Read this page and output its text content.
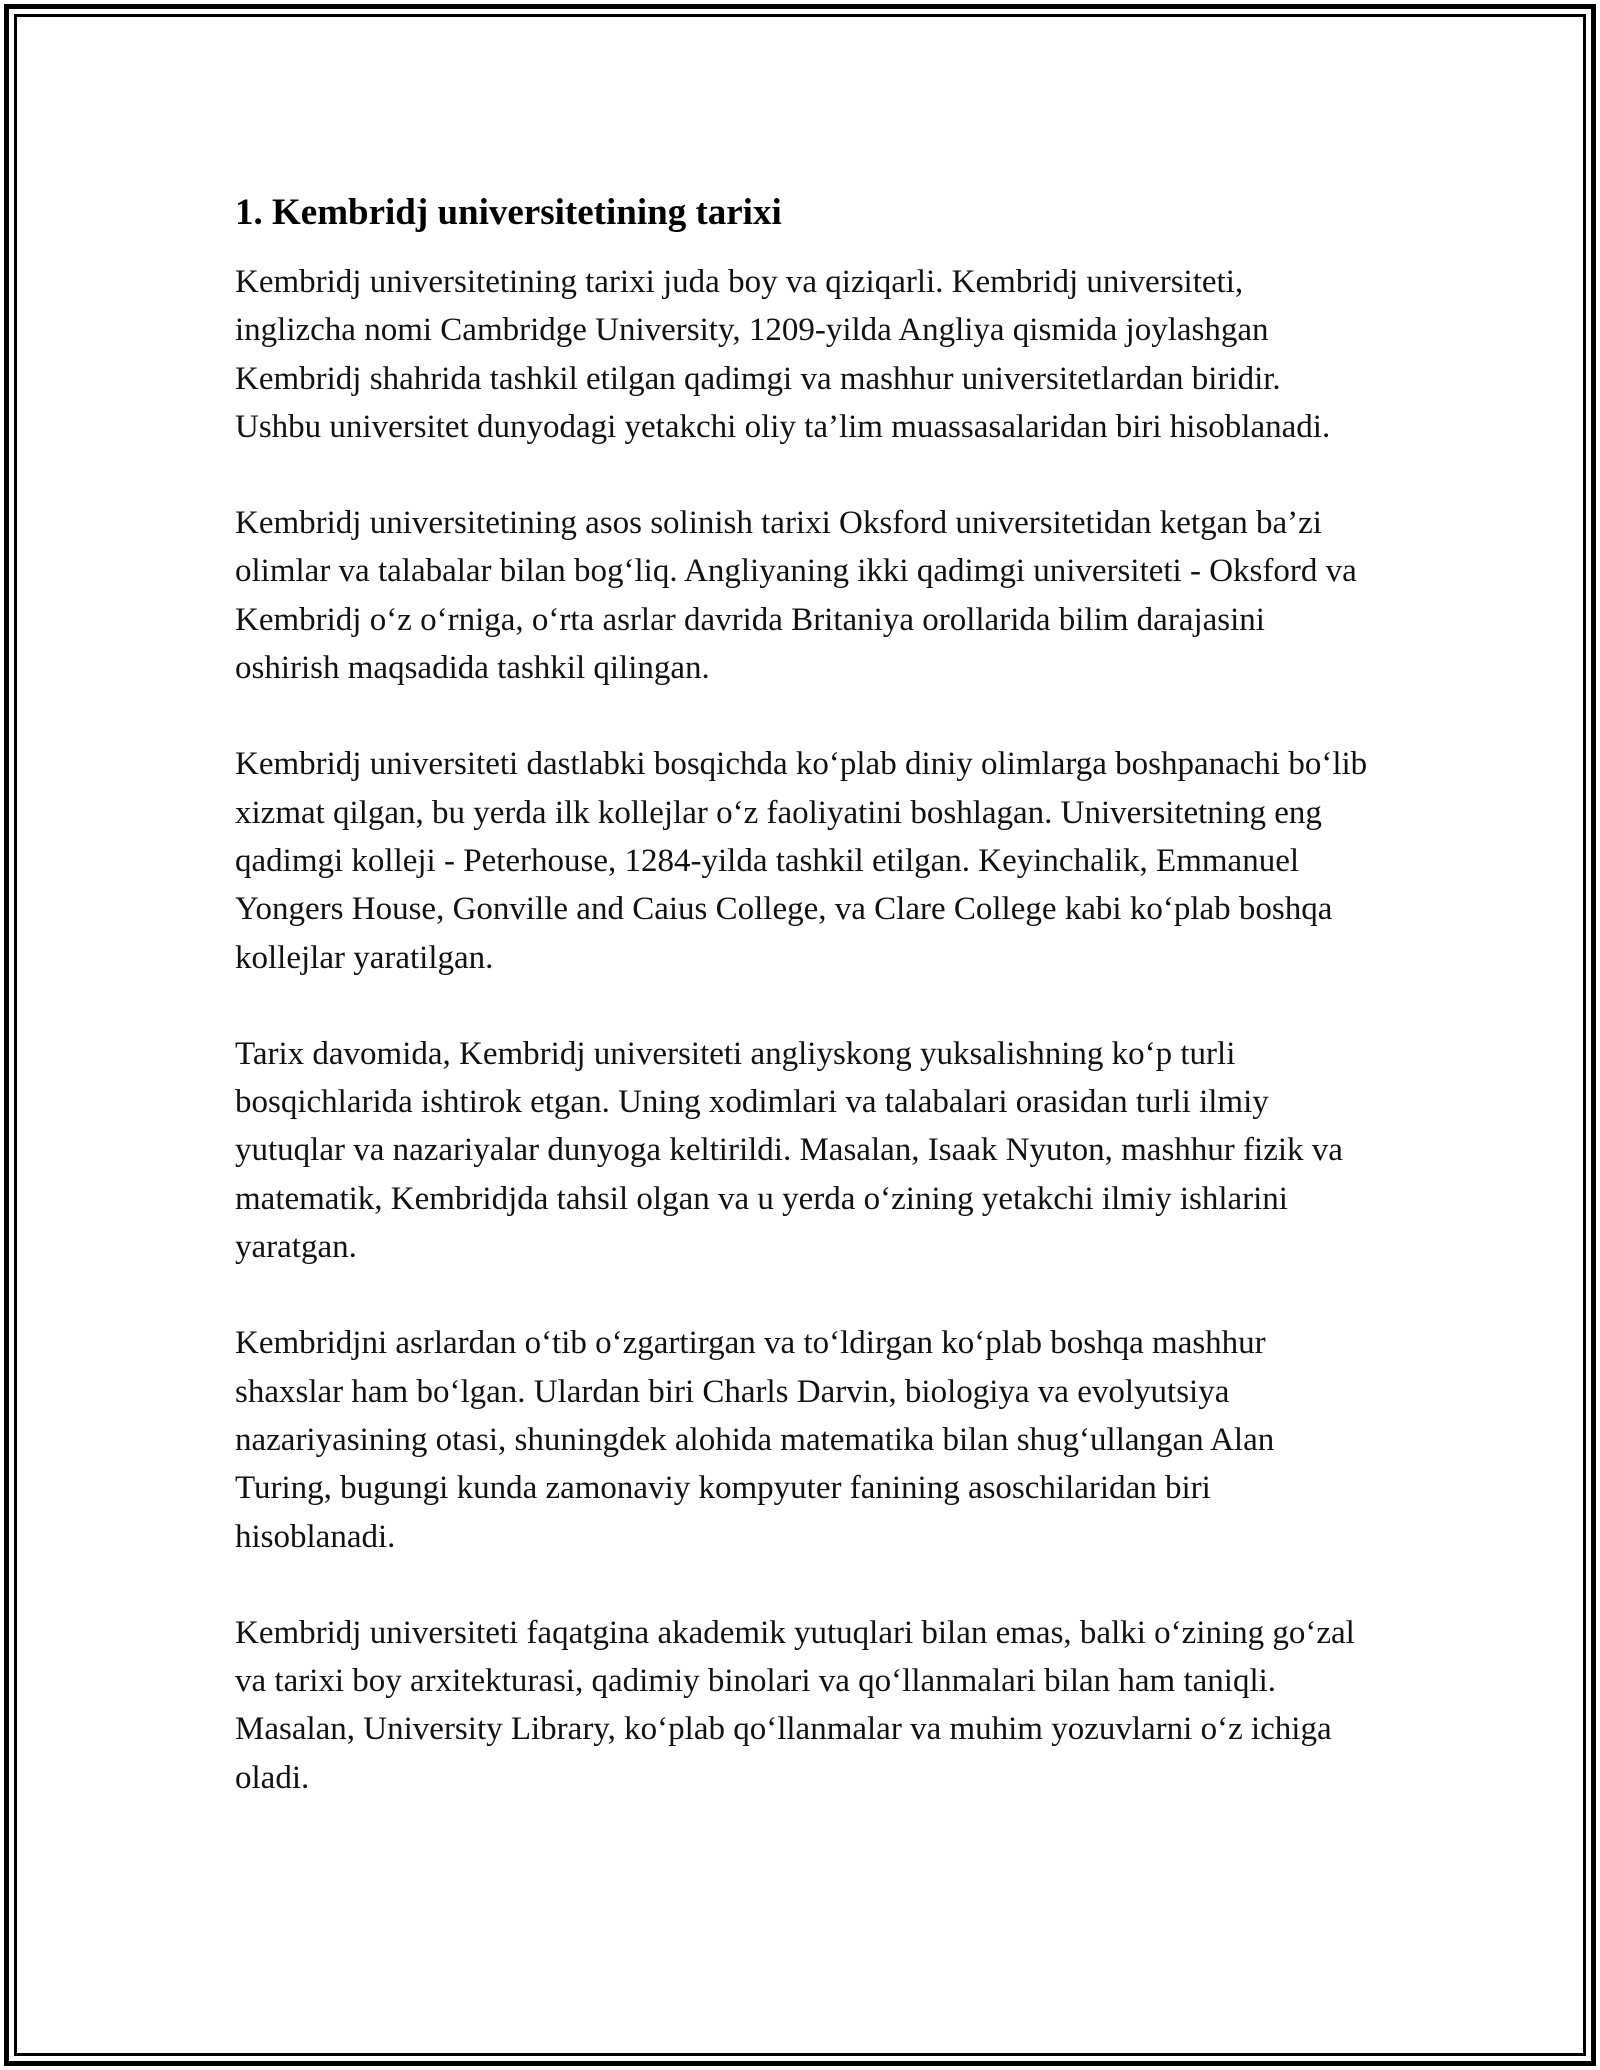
1. Kembridj universitetining tarixi

Kembridj universitetining tarixi juda boy va qiziqarli. Kembridj universiteti, inglizcha nomi Cambridge University, 1209-yilda Angliya qismida joylashgan Kembridj shahrida tashkil etilgan qadimgi va mashhur universitetlardan biridir. Ushbu universitet dunyodagi yetakchi oliy ta’lim muassasalaridan biri hisoblanadi.

Kembridj universitetining asos solinish tarixi Oksford universitetidan ketgan ba’zi olimlar va talabalar bilan bog‘liq. Angliyaning ikki qadimgi universiteti - Oksford va Kembridj o‘z o‘rniga, o‘rta asrlar davrida Britaniya orollarida bilim darajasini oshirish maqsadida tashkil qilingan.

Kembridj universiteti dastlabki bosqichda ko‘plab diniy olimlarga boshpanachi bo‘lib xizmat qilgan, bu yerda ilk kollejlar o‘z faoliyatini boshlagan. Universitetning eng qadimgi kolleji - Peterhouse, 1284-yilda tashkil etilgan. Keyinchalik, Emmanuel Yongers House, Gonville and Caius College, va Clare College kabi ko‘plab boshqa kollejlar yaratilgan.

Tarix davomida, Kembridj universiteti angliyskong yuksalishning ko‘p turli bosqichlarida ishtirok etgan. Uning xodimlari va talabalari orasidan turli ilmiy yutuqlar va nazariyalar dunyoga keltirildi. Masalan, Isaak Nyuton, mashhur fizik va matematik, Kembridjda tahsil olgan va u yerda o‘zining yetakchi ilmiy ishlarini yaratgan.

Kembridjni asrlardan o‘tib o‘zgartirgan va to‘ldirgan ko‘plab boshqa mashhur shaxslar ham bo‘lgan. Ulardan biri Charls Darvin, biologiya va evolyutsiya nazariyasining otasi, shuningdek alohida matematika bilan shug‘ullangan Alan Turing, bugungi kunda zamonaviy kompyuter fanining asoschilaridan biri hisoblanadi.

Kembridj universiteti faqatgina akademik yutuqlari bilan emas, balki o‘zining go‘zal va tarixi boy arxitekturasi, qadimiy binolari va qo‘llanmalari bilan ham taniqli. Masalan, University Library, ko‘plab qo‘llanmalar va muhim yozuvlarni o‘z ichiga oladi.
